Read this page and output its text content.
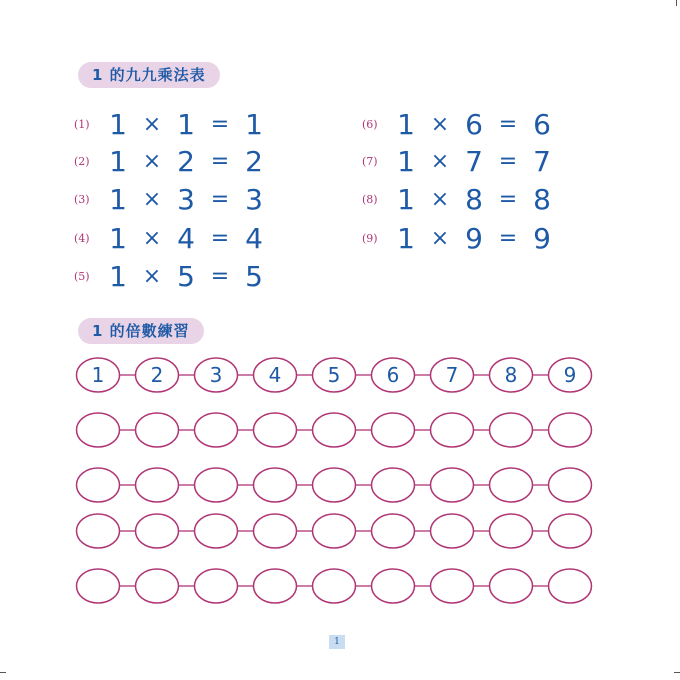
1 的九九乘法表
(1) 1 × 1 = 1
(2) 1 × 2 = 2
(3) 1 × 3 = 3
(4) 1 × 4 = 4
(5) 1 × 5 = 5
(6) 1 × 6 = 6
(7) 1 × 7 = 7
(8) 1 × 8 = 8
(9) 1 × 9 = 9
1 的倍數練習
1 2 3 4 5 6 7 8 9
1
